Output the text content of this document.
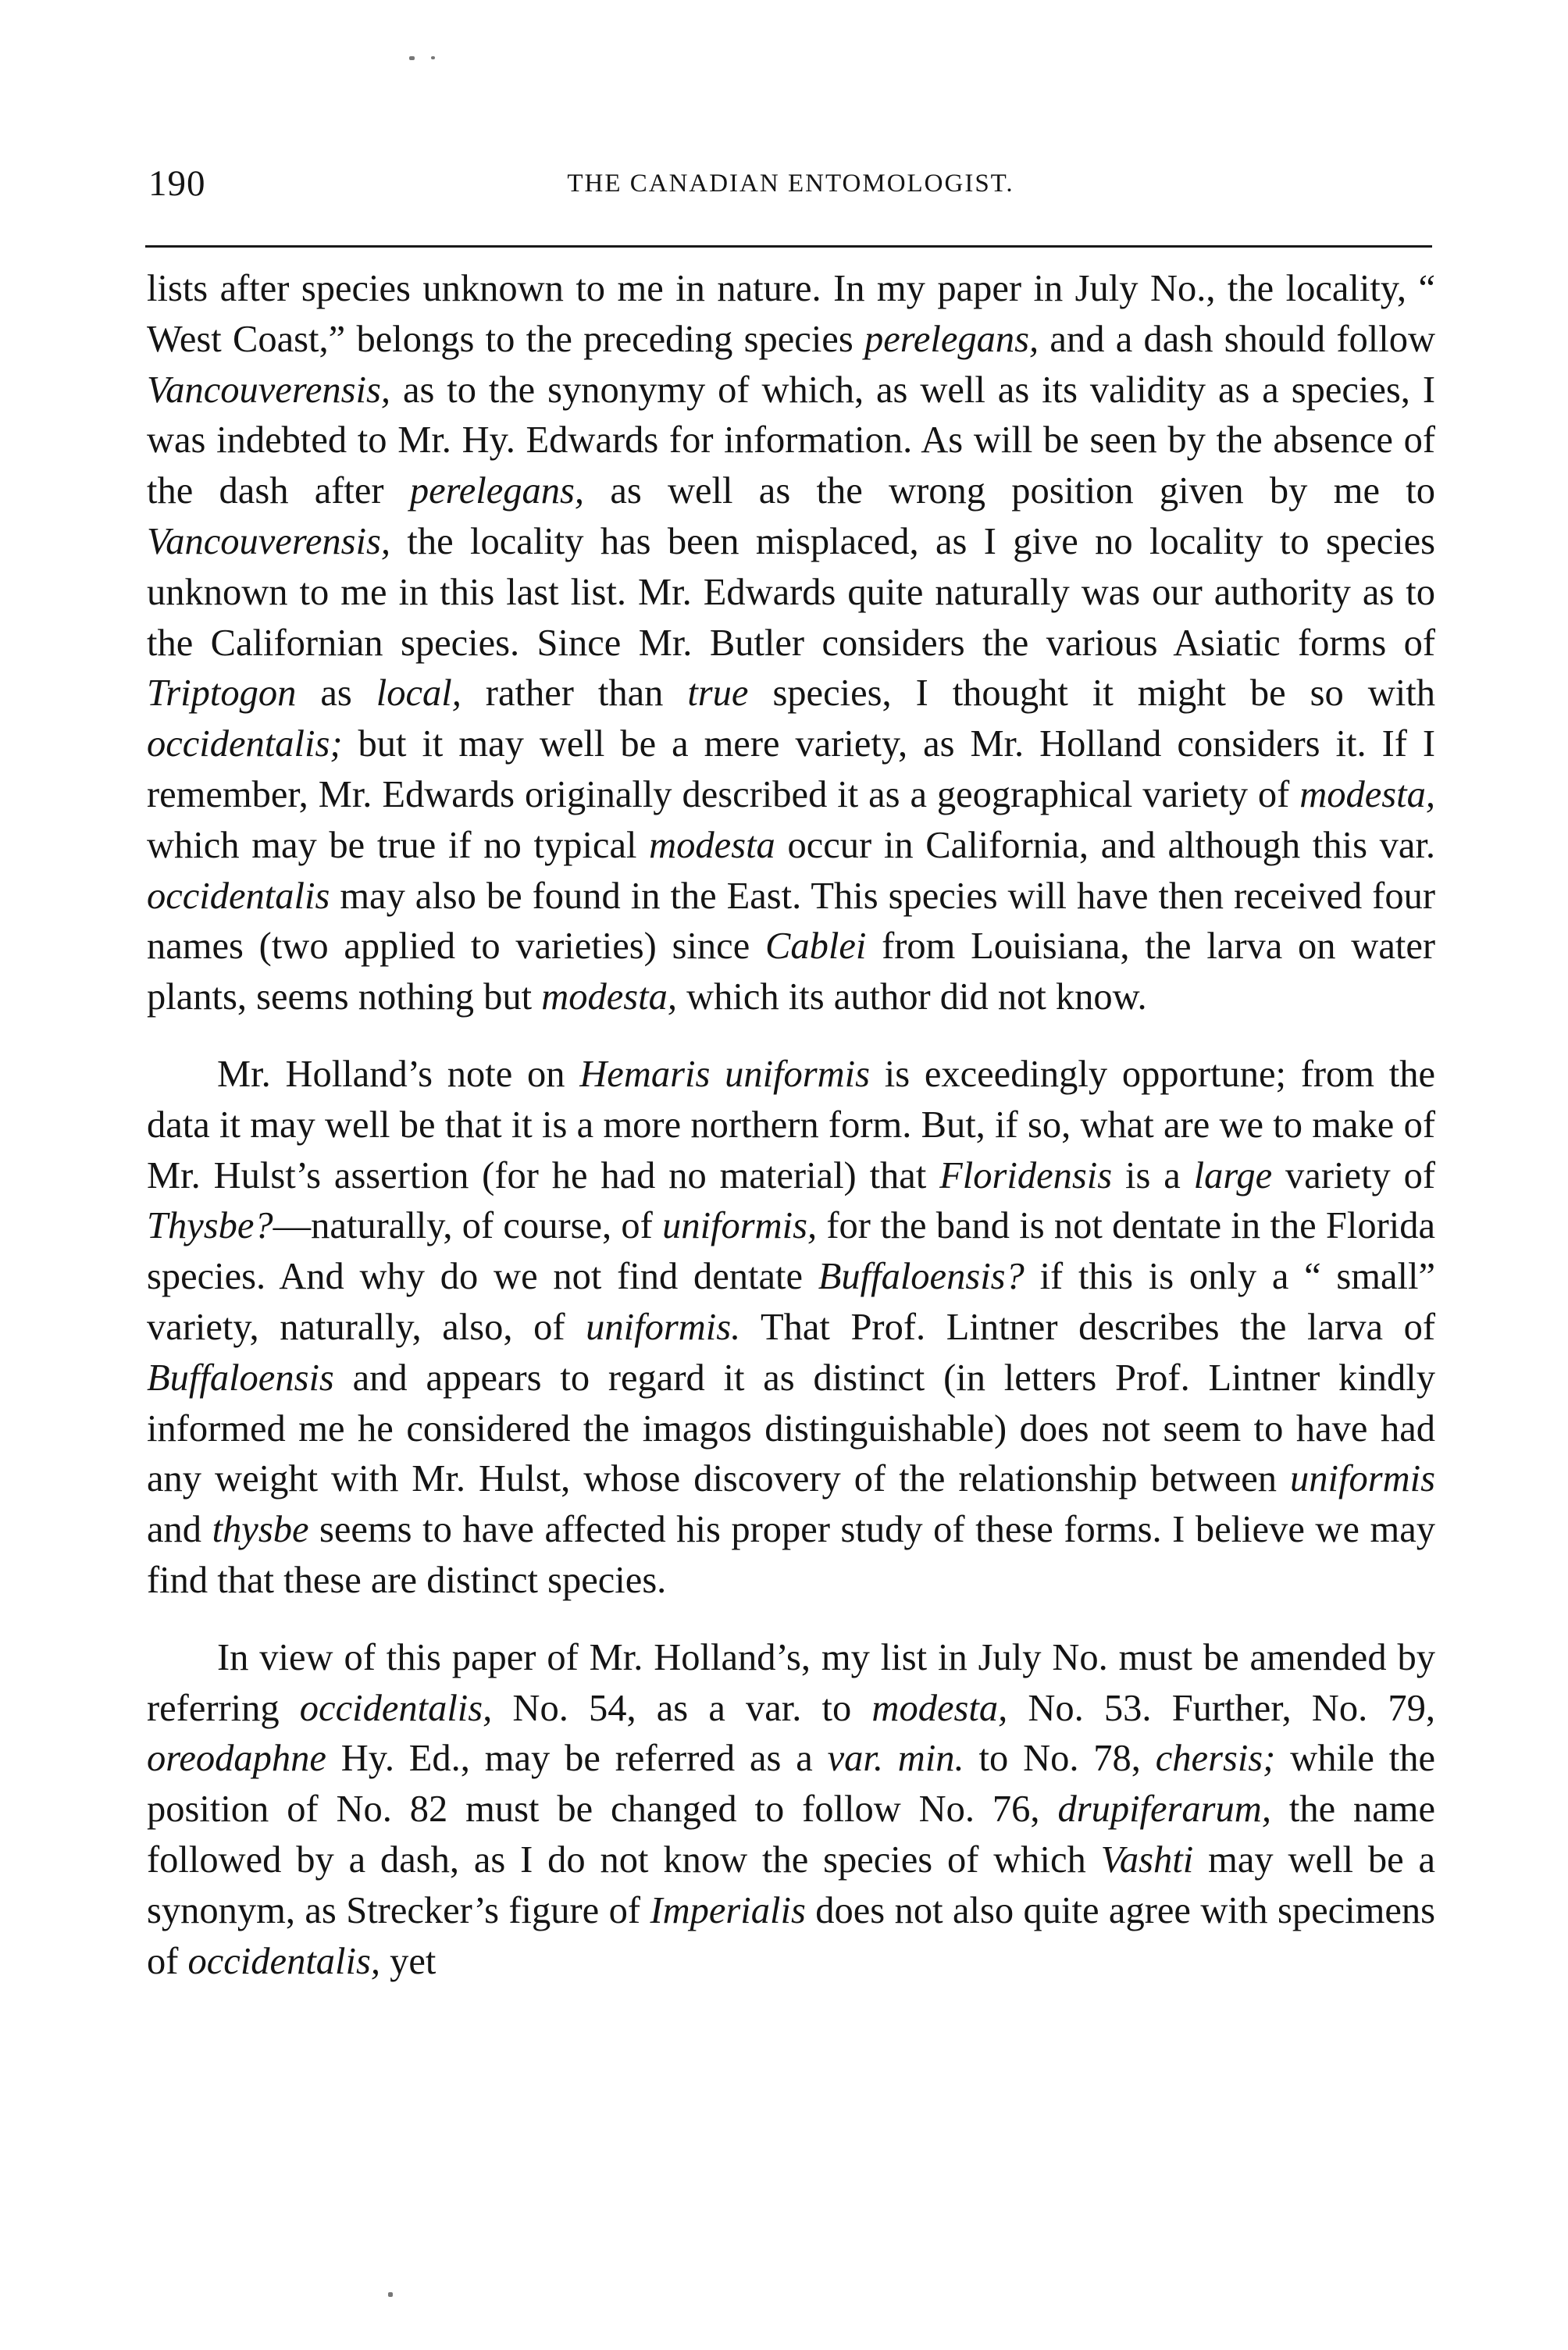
190	THE CANADIAN ENTOMOLOGIST.

lists after species unknown to me in nature. In my paper in July No., the locality, “ West Coast,” belongs to the preceding species perelegans, and a dash should follow Vancouverensis, as to the synonymy of which, as well as its validity as a species, I was indebted to Mr. Hy. Edwards for information. As will be seen by the absence of the dash after perelegans, as well as the wrong position given by me to Vancouverensis, the locality has been misplaced, as I give no locality to species unknown to me in this last list. Mr. Edwards quite naturally was our authority as to the Californian species. Since Mr. Butler considers the various Asiatic forms of Triptogon as local, rather than true species, I thought it might be so with occidentalis; but it may well be a mere variety, as Mr. Holland considers it. If I remember, Mr. Edwards originally described it as a geographical variety of modesta, which may be true if no typical modesta occur in California, and although this var. occidentalis may also be found in the East. This species will have then received four names (two applied to varieties) since Cablei from Louisiana, the larva on water plants, seems nothing but modesta, which its author did not know.

Mr. Holland’s note on Hemaris uniformis is exceedingly opportune; from the data it may well be that it is a more northern form. But, if so, what are we to make of Mr. Hulst’s assertion (for he had no material) that Floridensis is a large variety of Thysbe?—naturally, of course, of uniformis, for the band is not dentate in the Florida species. And why do we not find dentate Buffaloensis? if this is only a “ small” variety, naturally, also, of uniformis. That Prof. Lintner describes the larva of Buffaloensis and appears to regard it as distinct (in letters Prof. Lintner kindly informed me he considered the imagos distinguishable) does not seem to have had any weight with Mr. Hulst, whose discovery of the relationship between uniformis and thysbe seems to have affected his proper study of these forms. I believe we may find that these are distinct species.

In view of this paper of Mr. Holland’s, my list in July No. must be amended by referring occidentalis, No. 54, as a var. to modesta, No. 53. Further, No. 79, oreodaphne Hy. Ed., may be referred as a var. min. to No. 78, chersis; while the position of No. 82 must be changed to follow No. 76, drupiferarum, the name followed by a dash, as I do not know the species of which Vashti may well be a synonym, as Strecker’s figure of Imperialis does not also quite agree with specimens of occidentalis, yet
